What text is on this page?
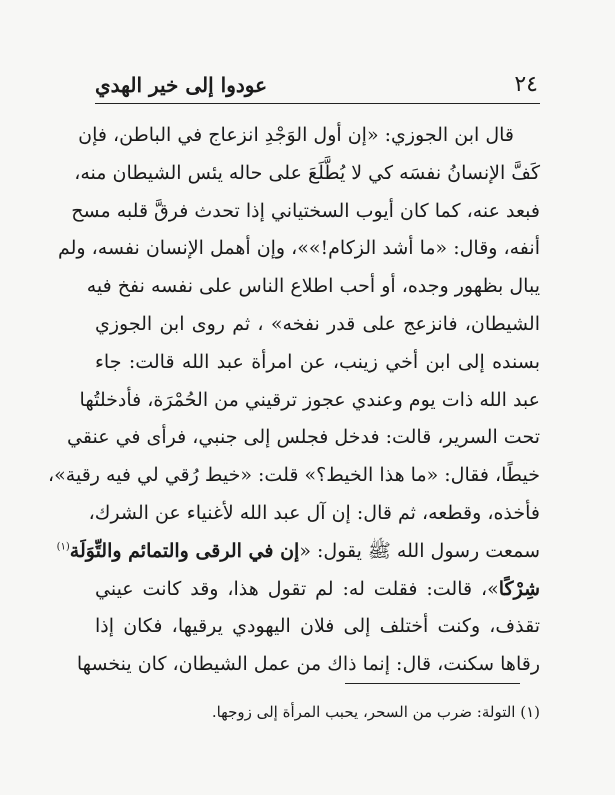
٢٤
عودوا إلى خير الهدي
قال ابن الجوزي: «إن أول الوَجْدِ انزعاج في الباطن، فإن
كَفَّ الإنسانُ نفسَه كي لا يُطَّلَعَ على حاله يئس الشيطان منه،
فبعد عنه، كما كان أيوب السختياني إذا تحدث فرقَّ قلبه مسح
أنفه، وقال: «ما أشد الزكام!»»، وإن أهمل الإنسان نفسه، ولم
يبال بظهور وجده، أو أحب اطلاع الناس على نفسه نفخ فيه
الشيطان، فانزعج على قدر نفخه» ، ثم روى ابن الجوزي
بسنده إلى ابن أخي زينب، عن امرأة عبد الله قالت: جاء
عبد الله ذات يوم وعندي عجوز ترقيني من الحُمْرَة، فأدخلتُها
تحت السرير، قالت: فدخل فجلس إلى جنبي، فرأى في عنقي
خيطًا، فقال: «ما هذا الخيط؟» قلت: «خيط رُقي لي فيه رقية»،
فأخذه، وقطعه، ثم قال: إن آل عبد الله لأغنياء عن الشرك،
سمعت رسول الله ﷺ يقول: «إن في الرقى والتمائم والتِّوَلَة$^{(١)}$
شِرْكًا»، قالت: فقلت له: لم تقول هذا، وقد كانت عيني
تقذف، وكنت أختلف إلى فلان اليهودي يرقيها، فكان إذا
رقاها سكنت، قال: إنما ذاك من عمل الشيطان، كان ينخسها
(١) التولة: ضرب من السحر، يحبب المرأة إلى زوجها.
